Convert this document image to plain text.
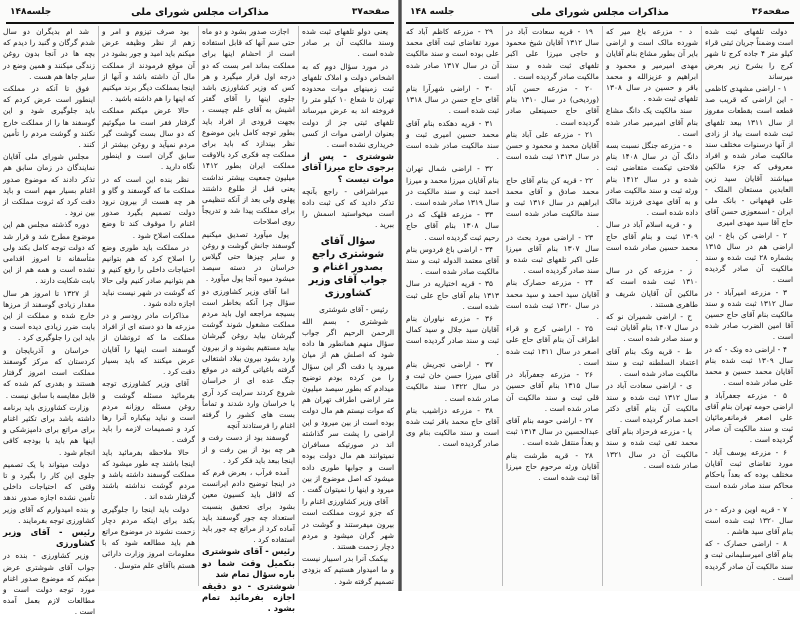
صفحه۳۶
مذاکرات مجلس شورای ملی
جلسه ۱۴۸

دولت تلفهای ثبت شده است وضمناً جریان ثبتی قراء کیلو متر ۴ جاده کرج تا شهر کرج را بشرح زیر بعرض میرساند

۱ - اراضی مشهدی کاظمی - این اراضی که قریب صد قطعه است بقطعات مفروز از سال ۱۳۱۱ ببعد تلفهای ثبت شده است بیاد از زادی از آنها درسنوات مختلف سند مالکیت صادر شده و افراد معروفی که جزء مالکین میباشند آقایان سید زین العابدین مستعان الملک - علی قهفهانی - بانک ملی ایران - اسمعوزی حسن آقای حاج آقا سید مهدی امیری

۲ - اراضی کن باغ - این اراضی هم در سال ۱۳۱۵ بشماره ۲۸ ثبت شده و سند مالکیت آن صادر گردیده است .

۳ - مزرعه امیرآباد - در سال ۱۳۱۲ ثبت شده و سند مالکیت بنام آقای حاج حسین آقا امین الضرب صادر شده است .

۴ - اراضی ده ونک - که در سال ۱۳۰۹ ثبت شده بنام آقایان محمد حسین و محمد علی صادر شده است .

۵ - مزرعه جعفرآباد و اراضی حومه تهران بنام آقای علی اصغر فرمانفرمائیان ثبت و سند مالکیت آن صادر گردیده است .

۶ - مزرعه یوسف آباد - مورد تقاضای ثبت آقایان مختلف بوده که بعداً باحکام محاکم سند صادر شده است .

۷ - قریه اوین و درکه - در سال ۱۳۲۰ ثبت شده است بنام آقای سید هاشم .

۸ - اراضی حصارک - که بنام آقای امیرسلیمانی ثبت و سند مالکیت آن صادر گردیده است .

د - مزرعه باغ میر که شورده مالک است و اراضی بایر آن بطور مشاع بنام آقایان مهدی امیرمیر و محمود و ابراهیم و عزیزالله و محمد باقر و حسین در سال ۱۳۰۸ تلفهای ثبت شده .

سند مالکیت یک دانگ مشاع بنام آقای امیرمیر صادر شده است .

ه - مزرعه جنگل نسبت بسه دانگ آن در سال ۱۴۰۸ بنام فلاحتی تیکمت متقاضی ثبت شده و در سال ۱۴۱۲ بنام ورثه ثبت و سند مالکیت صادر و به آقای مهدی فرزند مالک داده شده است .

و - قریه اسلام آباد در سال ۱۳۰۹ ثبت و بنام آقای حاج محمد حسین صادر شده است .

ز - مزرعه کن در سال ۱۳۱۰ ثبت شده است که مالکین آن آقایان شریف و طاهری هستند .

ح - اراضی شمیران نو که در سال ۱۴۰۷ بنام آقایان ثبت و سند صادر شده است .

ط - قریه ونک بنام آقای اعتماد السلطنه ثبت و سند مالکیت صادر شده است .

ی - اراضی سعادت آباد در سال ۱۳۱۲ ثبت شده و سند مالکیت آن بنام آقای دکتر احمد صادر گردیده است .

یا - مزرعه فرحزاد بنام آقای محمد تقی ثبت شده و سند مالکیت آن در سال ۱۳۲۱ صادر شده است .

۱۹ - قریه سعادت آباد در سال ۱۳۱۲ آقایان شیخ محمود و حاجی میرزا علی اکبر تلفهای ثبت شده و سند مالکیت صادر گردیده است .

۲۰ - مزرعه حسن آباد (وردیخی) در سال ۱۳۱۰ بنام آقای حاج حسینعلی صادر گردیده است .

۲۱ - مزرعه علی آباد بنام آقایان محمد و محمود و حسن در سال ۱۳۱۳ ثبت شده است .

۲۲ - قریه کن بنام آقای حاج محمد صادق و آقای محمد ابراهیم در سال ۱۳۱۶ ثبت و سند مالکیت صادر شده است .

۲۳ - اراضی مورد بحث در سال ۱۳۰۷ بنام آقای میرزا علی اکبر تلفهای ثبت شده و سند صادر گردیده است .

۲۴ - مزرعه حصارک بنام آقایان سید احمد و سید محمد در سال ۱۳۲۰ ثبت شده است .

۲۵ - اراضی کرج و قراء اطراف آن بنام آقای حاج علی اصغر در سال ۱۳۱۱ ثبت شده است .

۲۶ - مزرعه جعفرآباد در سال ۱۳۱۵ بنام آقای حسین قلی ثبت و سند مالکیت آن صادر شده است .

۲۷ - اراضی حومه بنام آقای عبدالحسین در سال ۱۳۱۴ ثبت و بعداً منتقل شده است .

۲۸ - قریه طرشت بنام آقایان ورثه مرحوم حاج میرزا آقا ثبت شده است .

۲۹ - مزرعه کاظم آباد که مورد تقاضای ثبت آقای محمد علی بوده است و سند مالکیت آن در سال ۱۳۱۷ صادر شده است .

۳۰ - اراضی شهرآرا بنام آقای حاج حسن در سال ۱۳۱۸ ثبت شده است .

۳۱ - قریه دهکده بنام آقای محمد حسین امیری ثبت و سند مالکیت صادر شده است .

۳۲ - اراضی شمال تهران بنام آقایان میرزا محمد و میرزا احمد ثبت و سند مالکیت در سال ۱۳۱۹ صادر شده است .

۳۳ - مزرعه قلهک که در سال ۱۳۰۸ بنام آقای حاج رحیم ثبت گردیده است .

۳۴ - اراضی باغ فردوس بنام آقای معتمد الدوله ثبت و سند مالکیت صادر شده است .

۳۵ - قریه اختیاریه در سال ۱۳۱۳ بنام آقای حاج علی ثبت شده است .

۳۶ - مزرعه نیاوران بنام آقایان سید جلال و سید کمال ثبت و سند صادر گردیده است .

۳۷ - اراضی تجریش بنام آقای میرزا حسن خان ثبت و در سال ۱۳۲۲ سند مالکیت صادر شده است .

۳۸ - مزرعه دزاشیب بنام آقای حاج محمد باقر ثبت شده است و سند مالکیت بنام وی صادر گردیده است .

صفحه۳۷
مذاکرات مجلس شورای ملی
جلسه۱۴۸

یعنی دولو تلفهای ثبت شده وسند مالکیت آن بر صادر شده است .

در مورد سؤال دوم که به اشخاص دولت و املاک تلفهای ثبت زمینهای موات محدوده تهران تا شعاع ۱۰ کیلو متر را فروخته اند به عرض میرساند تلفهای ثبتی جز از دولت بعنوان اراضی موات از کسی خریداری نشده است .

شوشتری - پس از برجوی حاج میرزا آقای موات نیست ؟

میراشرافی - راجع بآنچه تذکر دادید که کی ثبت داده است میخواستید اسمش را ببرید .

سؤال آقای شوشتری راجع بصدور اغنام و جواب آقای وزیر کشاورزی

رئیس - آقای شوشتری

شوشتری - بسم الله الرحمن الرحیم اگر جواب سؤال منهم همانطور ها داده شود که اصلش هم از میان میرود یا دقت اگر این سؤال را من کرده بودم توضیح میدادم که بطور سیصد میلیون متر اراضی اطراف تهران هم که موات نیستم هم مال دولت بوده است از بین میرود و این اراضی را پشت سر گذاشته اند در صورتیکه مسافران نمیتوانند هم مال دولت بوده است و جوابها طوری داده میشود که اصل موضوع از بین میرود و اینها را نمیتوان گفت .

آقای وزیر کشاورزی اغنام را که جزو ثروت مملکت است بیرون میفرستند و گوشت در شهر گران میشود و مردم دچار زحمت هستند .

بیکمک آنرا بدر اسبیار نیست و ما امیدوار هستیم که بزودی تصمیم گرفته شود .

اجازت صدور بشود و دو ماه حتی سم آنها که قابل استفاده است از احشام اینها برای مملکت بماند امر بست که دو درجه اول قرار میگیرد و هر کس که وزیر کشاورزی باشد جلوی اینها را آقای گفتر اشیش به آقای علم چیست ، بجهت قرودی از افراد باید بطور توجه کامل باین موضوع نظر بیندازد که باید برای مملکت چه فکری کرد بالاوقت مملکت ایران بطور ۱۴۱۲ میلیون جمعیت بیشتر نداشت یعنی قبل از طلوع داشتند پهلوی ولی بعد از آنکه تنظیمی برای مملکت پیدا شد و تدریجاً روی اصلاحات

پول میآورد تصدیق میکنیم گوسفند جانش گوشت و روغن و سایر چیزها حتی گیلاس خراسان در دسته سیصد میشود میوه آنجا پول میآورد .

اما آقای وزیر کشاورزی دو سؤال چرا آنکه بخاطر است بسیجه مراجعه اول باید مردم مملکت مشغول شوند گوشت گیرشان بیاید روغن گیرشان بیاید مستقیم بشوند و از بیرون وارد بشود بیرون ببلاد اشتغالی گرفته باغیاتی گرفته در موقع جنگ عده ای از خراسان شروع کردند سرایت کرد آری با خراسان وارد شدند و تماماً بست های کشور را گرفته اغنام را فرستادند آنچه

گوسفند بود از دست رفت و هر چه بود از بین رفت و از اینجا ببعد باید فکر کرد .

آمده فرآب ، بعرض فرم که در اینجا توضیح دادم ایرانست که لااقل باید کسیون معین بشود برای تحقیق بنسبت استعداد چه جور گوسفند باید آماده کرد از مراتع چه جور باید استفاده کرد .

رئیس - آقای شوشتری بتکمیل وقت شما دو باره سؤال تمام شد

شوشتری - دو دقیقه اجازه بفرمائید تمام بشود .

بود صرف تیزوم و امر و زهم از نظر وظیفه عرض میکنم باید امید و جور بشود در آن موقع فرمودند از مملکت مال آن داشته باشد و آنها از اینجا بمملکت دیگر برند میکنیم که اینها را هم داشته باشید .

حالا عرض میکنم مملکت گرفتار فقر است ما میگوئیم که دو سال بست گوشت گیر مردم نمیآید و روغن بیشتر از سابق گران است و اینطور نگاه دارید .

نظر بنده این است که در مملکت ما که گوسفند و گاو و هر چه هست از بیرون نرود دولت تصمیم بگیرد صدور اغنام را موقوف کند تا وضع مملکت اصلاح شود .

در مملکت باید طوری وضع را اصلاح کرد که هم بتوانیم احتیاجات داخلی را رفع کنیم و هم بتوانیم صادر کنیم ولی حالا که گوشت در شهر نیست نباید اجازه داده شود .

مذاکرات مادر رودسر و در مزرعه ها دو دسته ای از افراد مملکت ما که ثروتشان از گوسفند است اینها را آقایان عرض میکنند که باید بسیار دقت کرد .

آقای وزیر کشاورزی توجه بفرمائید مسئله گوشت و روغن مسئله روزانه مردم است و نباید بیکباره آنرا رها کرد و تصمیمات لازمه را باید گرفت .

حالا ملاحظه بفرمائید باید اینجا باشند چه طور میشود که مملکت گوسفند داشته باشد و مردم گوشت نداشته باشند گرفتار شده اند .

دولت باید اینجا را جلوگیری بکند برای اینکه مردم دچار زحمت نشوند در موضوع مراتع هم باید مطالعه شود که با معلومات امروز وزارت دارائی هستم باآقای علم متوسل .

شد ام بدیگران دو سال شدم گرگان و گنبد را دیدم که بچه ها در آنجا بدون روغن زندگی میکنند و همین وضع در سایر جاها هم هست .

فوق تا آنکه در مملکت اینطور است عرض کردم که باید جلوگیری شود و این گوسفند ها را از مملکت خارج نکنند و گوشت مردم را تأمین کنند .

مجلس شورای ملی آقایان نمایندگان در زمان سابق هم تذکر دادند که موضوع صدور اغنام بسیار مهم است و باید دقت کرد که ثروت مملکت از بین نرود .

دوره گذشته مجلس هم این موضوع مطرح شد و قرار شد که دولت توجه کامل بکند ولی متأسفانه تا امروز اقدامی نشده است و همه هم از این بابت شکایت دارند .

از ۱۳۲۷ تا امروز هر سال مقدار زیادی گوسفند از مرزها خارج شده و مملکت از این بابت ضرر زیادی دیده است و باید این را جلوگیری کرد .

خراسان و آذربایجان و کردستان که مرکز گوسفند مملکت است امروز گرفتار هستند و بقدری کم شده که قابل مقایسه با سابق نیست .

وزارت کشاورزی باید برنامه داشته باشد برای تکثیر اغنام برای مراتع برای دامپزشکی و اینها هم باید با بودجه کافی انجام شود .

دولت میتواند با یک تصمیم جلوی این کار را بگیرد و تا وقتی که احتیاجات داخلی تأمین نشده اجازه صدور ندهد و بنده امیدوارم که آقای وزیر کشاورزی توجه بفرمایند .

رئیس - آقای وزیر کشاورزی

وزیر کشاورزی - بنده در جواب آقای شوشتری عرض میکنم که موضوع صدور اغنام مورد توجه دولت است و مطالعات لازم بعمل آمده است .
